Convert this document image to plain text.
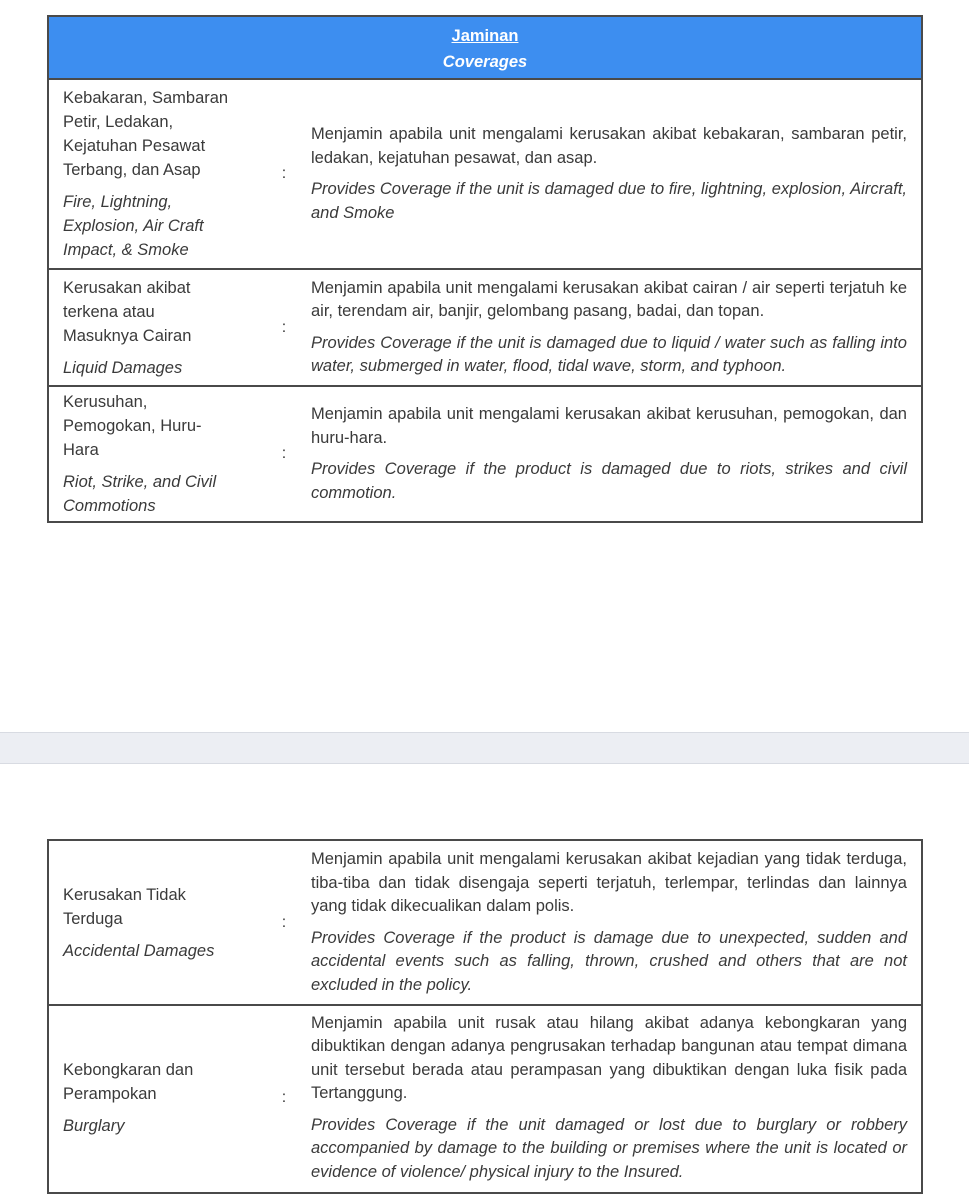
Jaminan
Coverages
Kebakaran, Sambaran
Petir, Ledakan,
Kejatuhan Pesawat
Terbang, dan Asap
Fire, Lightning,
Explosion, Air Craft
Impact, & Smoke
:
Menjamin apabila unit mengalami kerusakan akibat kebakaran, sambaran petir, ledakan, kejatuhan pesawat, dan asap.
Provides Coverage if the unit is damaged due to fire, lightning, explosion, Aircraft, and Smoke
Kerusakan akibat
terkena atau
Masuknya Cairan
Liquid Damages
:
Menjamin apabila unit mengalami kerusakan akibat cairan / air seperti terjatuh ke air, terendam air, banjir, gelombang pasang, badai, dan topan.
Provides Coverage if the unit is damaged due to liquid / water such as falling into water, submerged in water, flood, tidal wave, storm, and typhoon.
Kerusuhan,
Pemogokan, Huru-
Hara
Riot, Strike, and Civil
Commotions
:
Menjamin apabila unit mengalami kerusakan akibat kerusuhan, pemogokan, dan huru-hara.
Provides Coverage if the product is damaged due to riots, strikes and civil commotion.
Kerusakan Tidak
Terduga
Accidental Damages
:
Menjamin apabila unit mengalami kerusakan akibat kejadian yang tidak terduga, tiba-tiba dan tidak disengaja seperti terjatuh, terlempar, terlindas dan lainnya yang tidak dikecualikan dalam polis.
Provides Coverage if the product is damage due to unexpected, sudden and accidental events such as falling, thrown, crushed and others that are not excluded in the policy.
Kebongkaran dan
Perampokan
Burglary
:
Menjamin apabila unit rusak atau hilang akibat adanya kebongkaran yang dibuktikan dengan adanya pengrusakan terhadap bangunan atau tempat dimana unit tersebut berada atau perampasan yang dibuktikan dengan luka fisik pada Tertanggung.
Provides Coverage if the unit damaged or lost due to burglary or robbery accompanied by damage to the building or premises where the unit is located or evidence of violence/ physical injury to the Insured.
